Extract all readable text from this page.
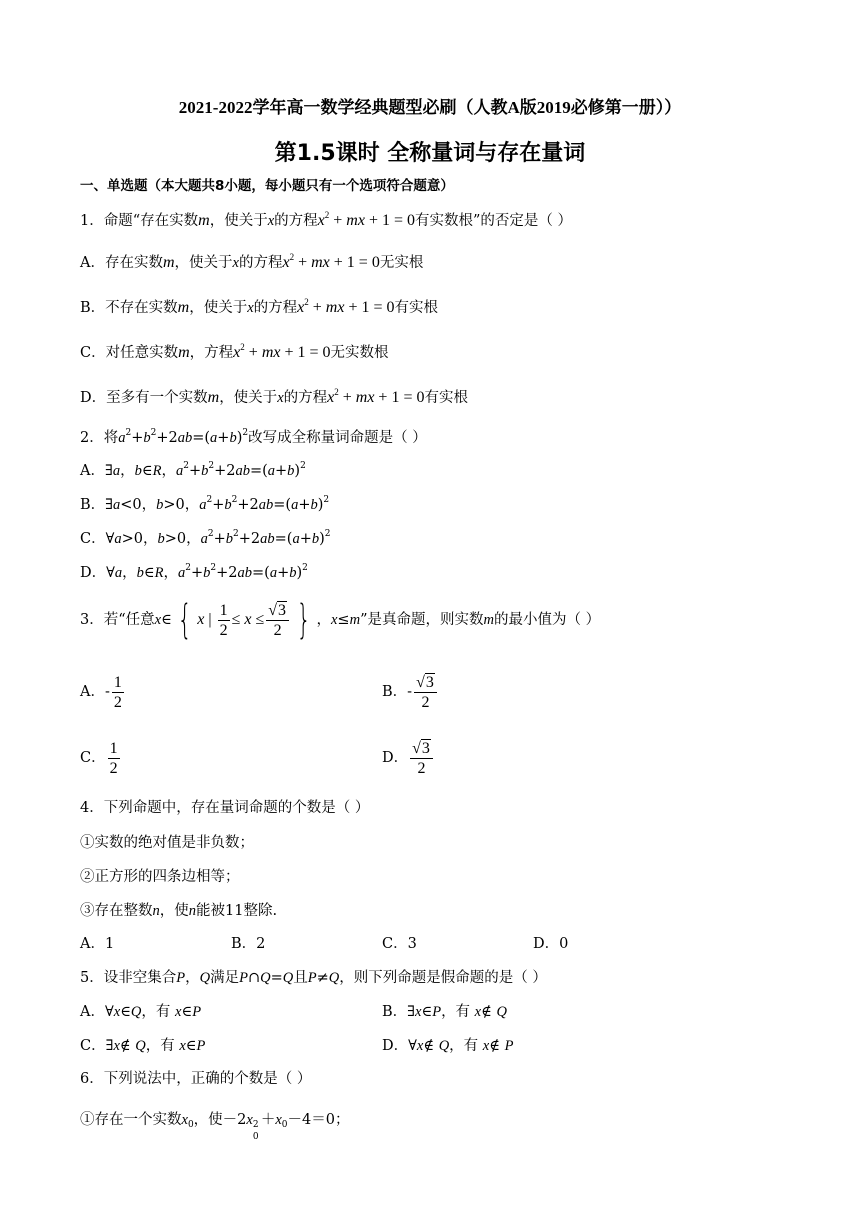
2021-2022学年高一数学经典题型必刷（人教A版2019必修第一册））
第1.5课时 全称量词与存在量词
一、单选题（本大题共8小题，每小题只有一个选项符合题意）
1．命题“存在实数m，使关于x的方程$x^2$ + mx + 1 = 0有实数根”的否定是（ ）
A．存在实数m，使关于x的方程$x^2$ + mx + 1 = 0无实根
B．不存在实数m，使关于x的方程$x^2$ + mx + 1 = 0有实根
C．对任意实数m，方程$x^2$ + mx + 1 = 0无实数根
D．至多有一个实数m，使关于x的方程$x^2$ + mx + 1 = 0有实根
2．将$a^2+b^2+2ab=(a+b)^2$改写成全称量词命题是（ ）
A．∃a，b∈R，$a^2+b^2+2ab=(a+b)^2$
B．∃a<0，b>0，$a^2+b^2+2ab=(a+b)^2$
C．∀a>0，b>0，$a^2+b^2+2ab=(a+b)^2$
D．∀a，b∈R，$a^2+b^2+2ab=(a+b)^2$
3．若“任意x∈ { x | $\frac{1}{2} \le x \le \frac{√3}{2}$ } ，x≤m”是真命题，则实数m的最小值为（ ）
A．- $\frac{1}{2}$	B．- $\frac{√3}{2}$
C． $\frac{1}{2}$	D． $\frac{√3}{2}$
4．下列命题中，存在量词命题的个数是（ ）
①实数的绝对值是非负数；
②正方形的四条边相等；
③存在整数n，使n能被11整除.
A．1	B．2	C．3	D．0
5．设非空集合P，Q满足P∩Q=Q且P≠Q，则下列命题是假命题的是（ ）
A．∀x∈Q，有 x∈P	B．∃x∈P，有 x∉ Q
C．∃x∉ Q，有 x∈P	D．∀x∉ Q，有 x∉ P
6．下列说法中，正确的个数是（ ）
①存在一个实数$x_0$，使－2x 2
0
$+x_0-4=0$；
